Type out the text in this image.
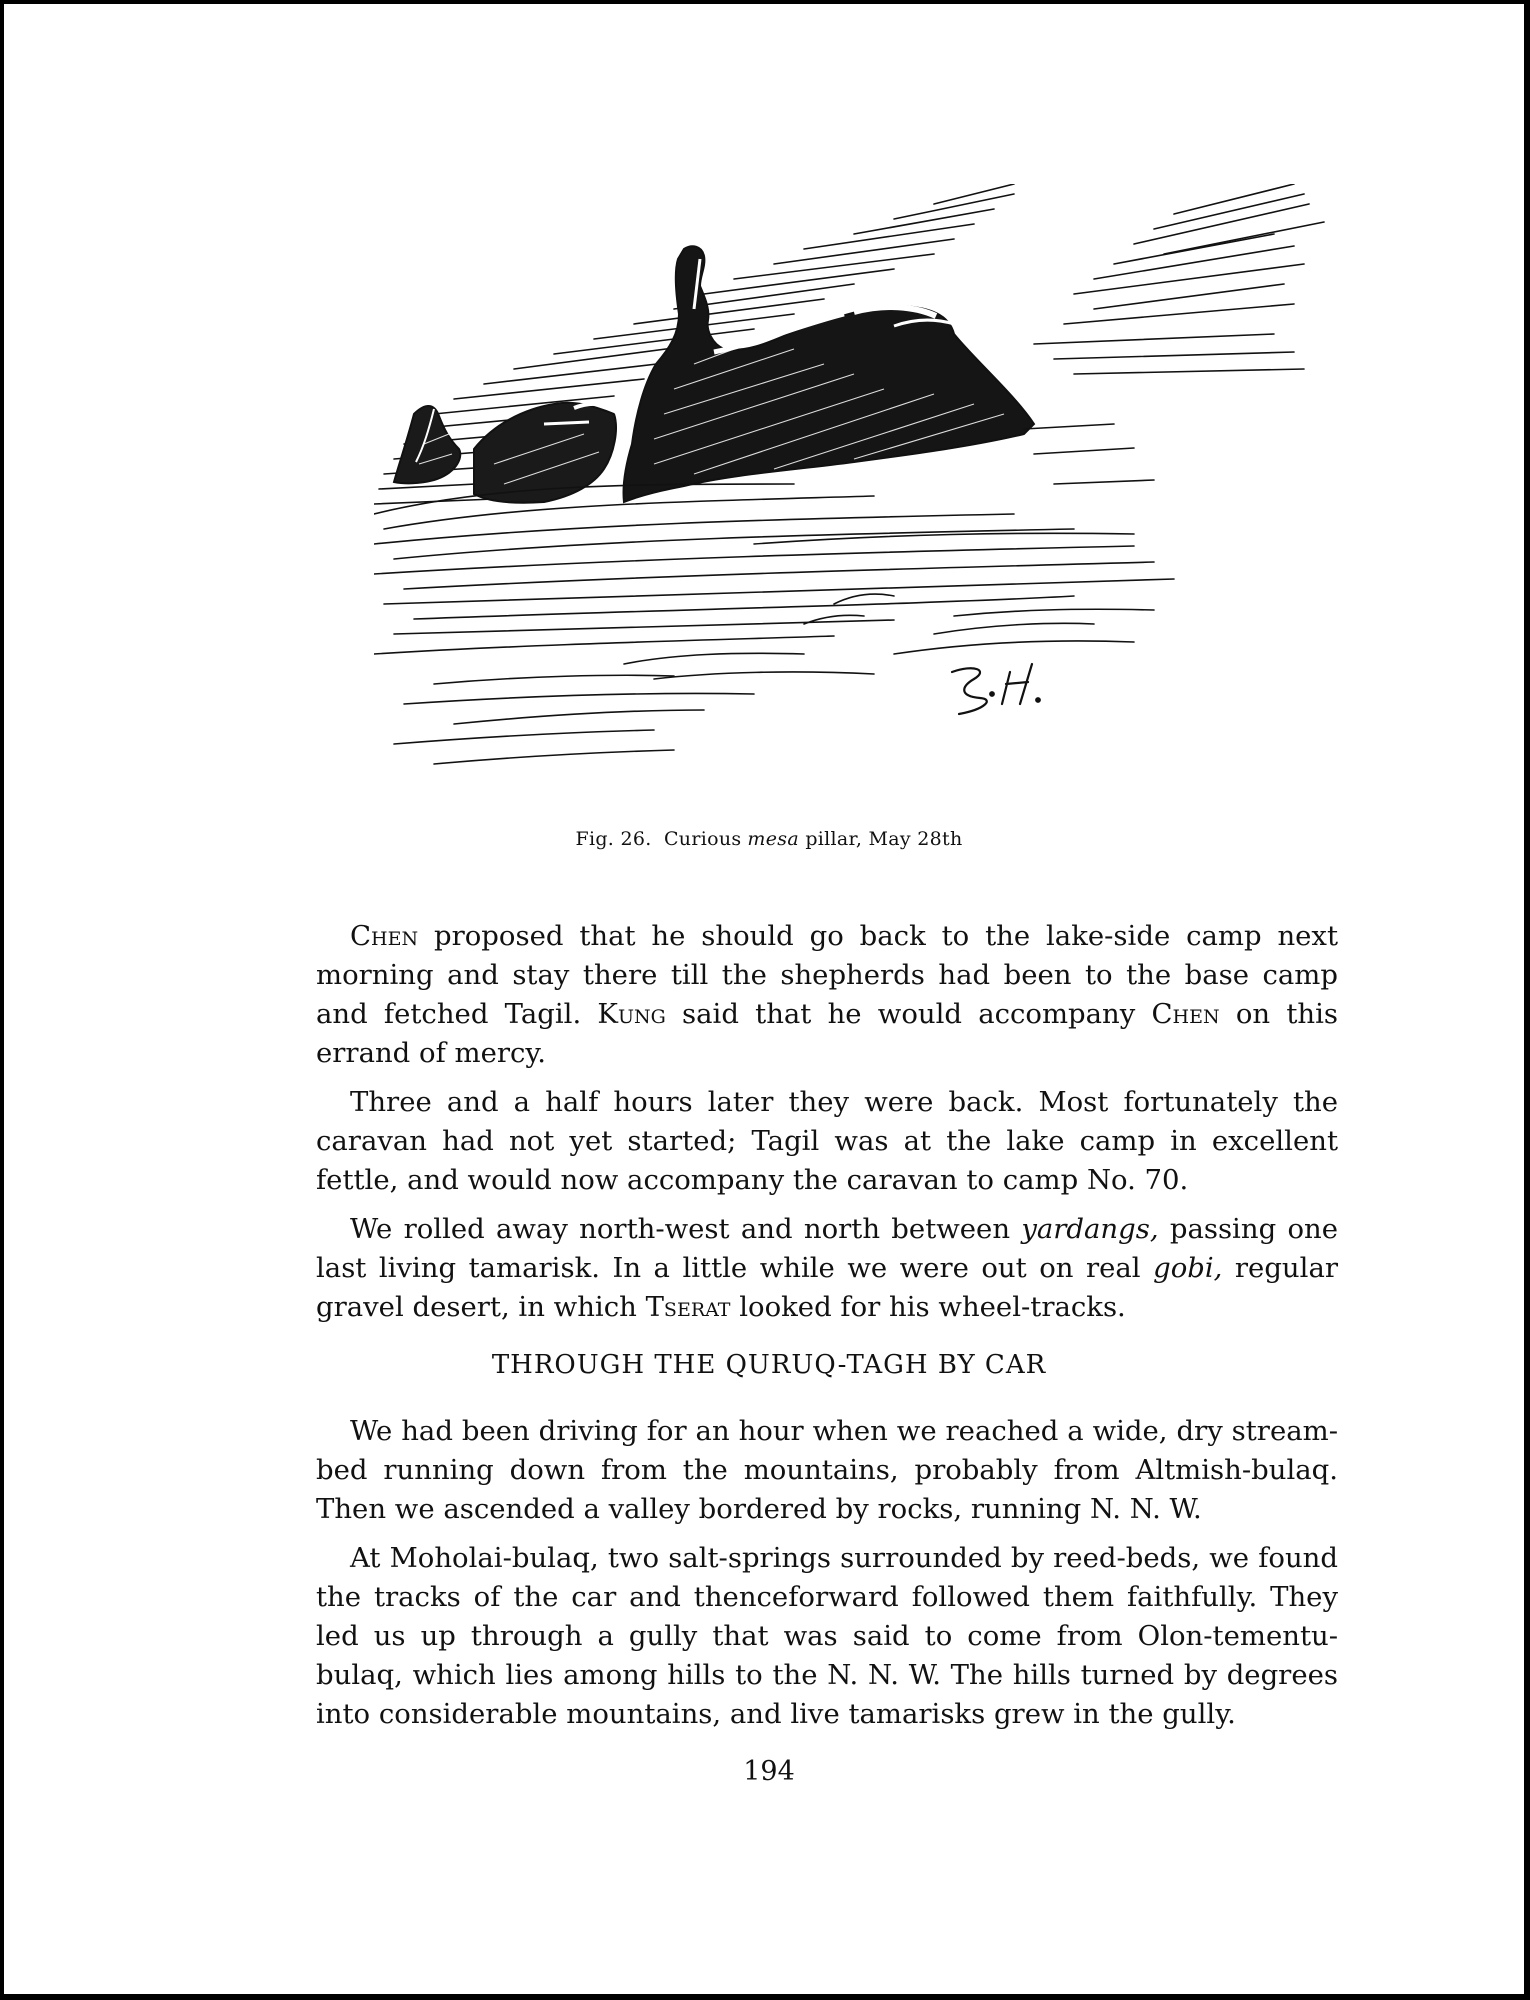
Fig. 26. Curious mesa pillar, May 28th

Chen proposed that he should go back to the lake-side camp next morning and stay there till the shepherds had been to the base camp and fetched Tagil. Kung said that he would accompany Chen on this errand of mercy.

Three and a half hours later they were back. Most fortunately the caravan had not yet started; Tagil was at the lake camp in excellent fettle, and would now accompany the caravan to camp No. 70.

We rolled away north-west and north between yardangs, passing one last living tamarisk. In a little while we were out on real gobi, regular gravel desert, in which Tserat looked for his wheel-tracks.

THROUGH THE QURUQ-TAGH BY CAR

We had been driving for an hour when we reached a wide, dry stream-bed running down from the mountains, probably from Altmish-bulaq. Then we ascended a valley bordered by rocks, running N. N. W.

At Moholai-bulaq, two salt-springs surrounded by reed-beds, we found the tracks of the car and thenceforward followed them faithfully. They led us up through a gully that was said to come from Olon-tementu-bulaq, which lies among hills to the N. N. W. The hills turned by degrees into considerable mountains, and live tamarisks grew in the gully.

194
